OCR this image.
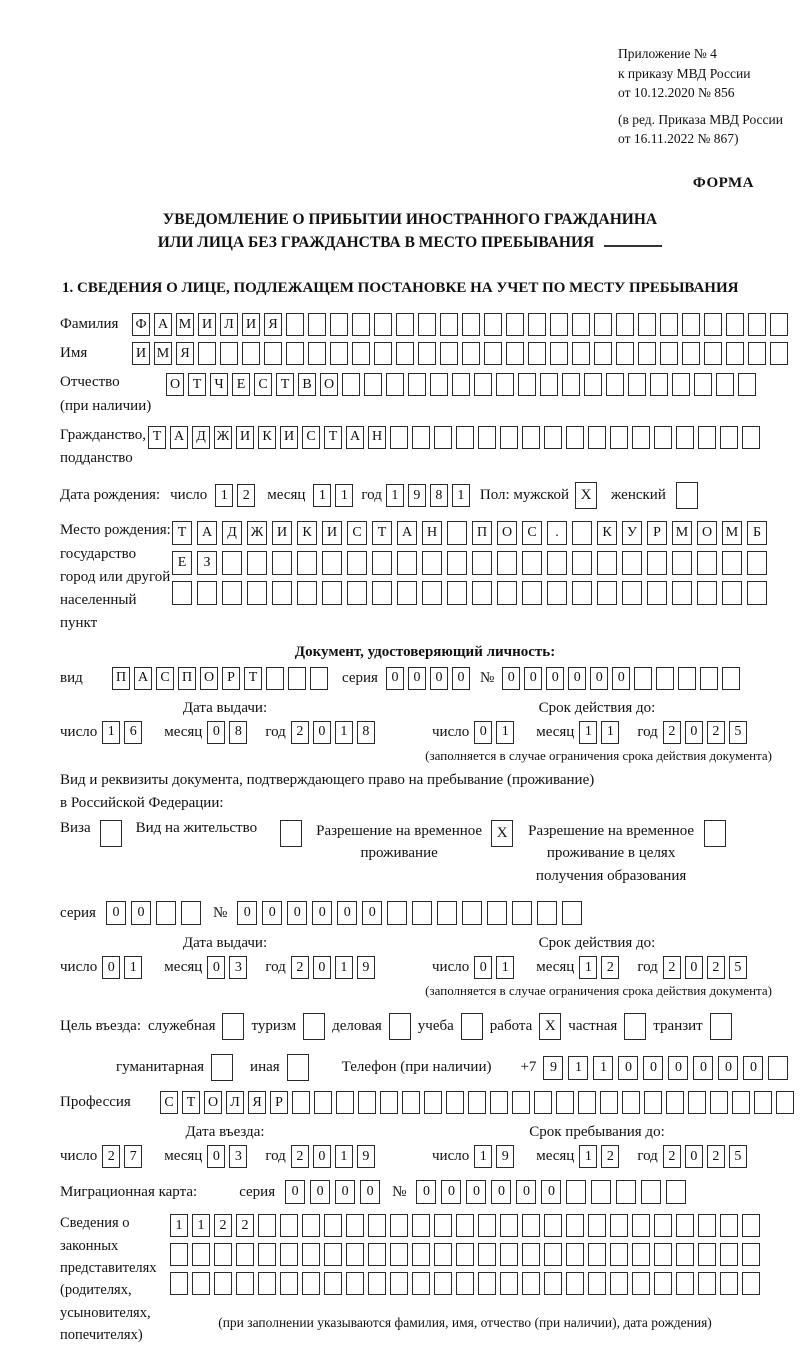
Приложение № 4
к приказу МВД России
от 10.12.2020 № 856
(в ред. Приказа МВД России
от 16.11.2022 № 867)
ФОРМА
УВЕДОМЛЕНИЕ О ПРИБЫТИИ ИНОСТРАННОГО ГРАЖДАНИНА
ИЛИ ЛИЦА БЕЗ ГРАЖДАНСТВА В МЕСТО ПРЕБЫВАНИЯ
1. СВЕДЕНИЯ О ЛИЦЕ, ПОДЛЕЖАЩЕМ ПОСТАНОВКЕ НА УЧЕТ ПО МЕСТУ ПРЕБЫВАНИЯ
Фамилия	Ф А М И Л И Я
Имя	И М Я
Отчество
(при наличии)
О Т Ч Е С Т В О
Гражданство,
подданство
Т А Д Ж И К И С Т А Н
Дата рождения: число 1	2	месяц 1	1 год 1	9	8	1	Пол: мужской X	женский
Место рождения:
государство
город или другой
населенный пункт
Т	А	Д Ж И	К	И	С	Т	А	Н	П	О	С	.	К	У	Р	М О М	Б
Е	З
Документ, удостоверяющий личность:
вид	П А С П О Р Т	серия 0	0	0	0	№ 0	0	0	0	0	0
Дата выдачи:
число 1	6	месяц 0	8	год 2	0	1	8
Срок действия до:
число 0	1	месяц 1	1	год 2	0	2	5
(заполняется в случае ограничения срока действия документа)
Вид и реквизиты документа, подтверждающего право на пребывание (проживание)
в Российской Федерации:
Виза	Вид на жительство	Разрешение на временное проживание
X	Разрешение на временное проживание в целях получения образования
серия	0	0	№	0	0	0	0	0	0
Дата выдачи:
число 0	1	месяц 0	3	год 2	0	1	9
Срок действия до:
число 0	1	месяц 1	2	год 2	0	2	5
(заполняется в случае ограничения срока действия документа)
Цель въезда: служебная туризм деловая учеба работа X частная транзит
гуманитарная	иная	Телефон (при наличии) +7 9	1	1	0	0	0	0	0	0
Профессия	С Т О Л Я Р
Дата въезда:
число 2	7	месяц 0	3	год 2	0	1	9
Срок пребывания до:
число 1	9	месяц 1	2	год 2	0	2	5
Миграционная карта:	серия	0	0	0	0	№	0	0	0	0	0	0
Сведения о
законных
представителях
(родителях,
усыновителях,
попечителях)
1	1	2	2
(при заполнении указываются фамилия, имя, отчество (при наличии), дата рождения)
